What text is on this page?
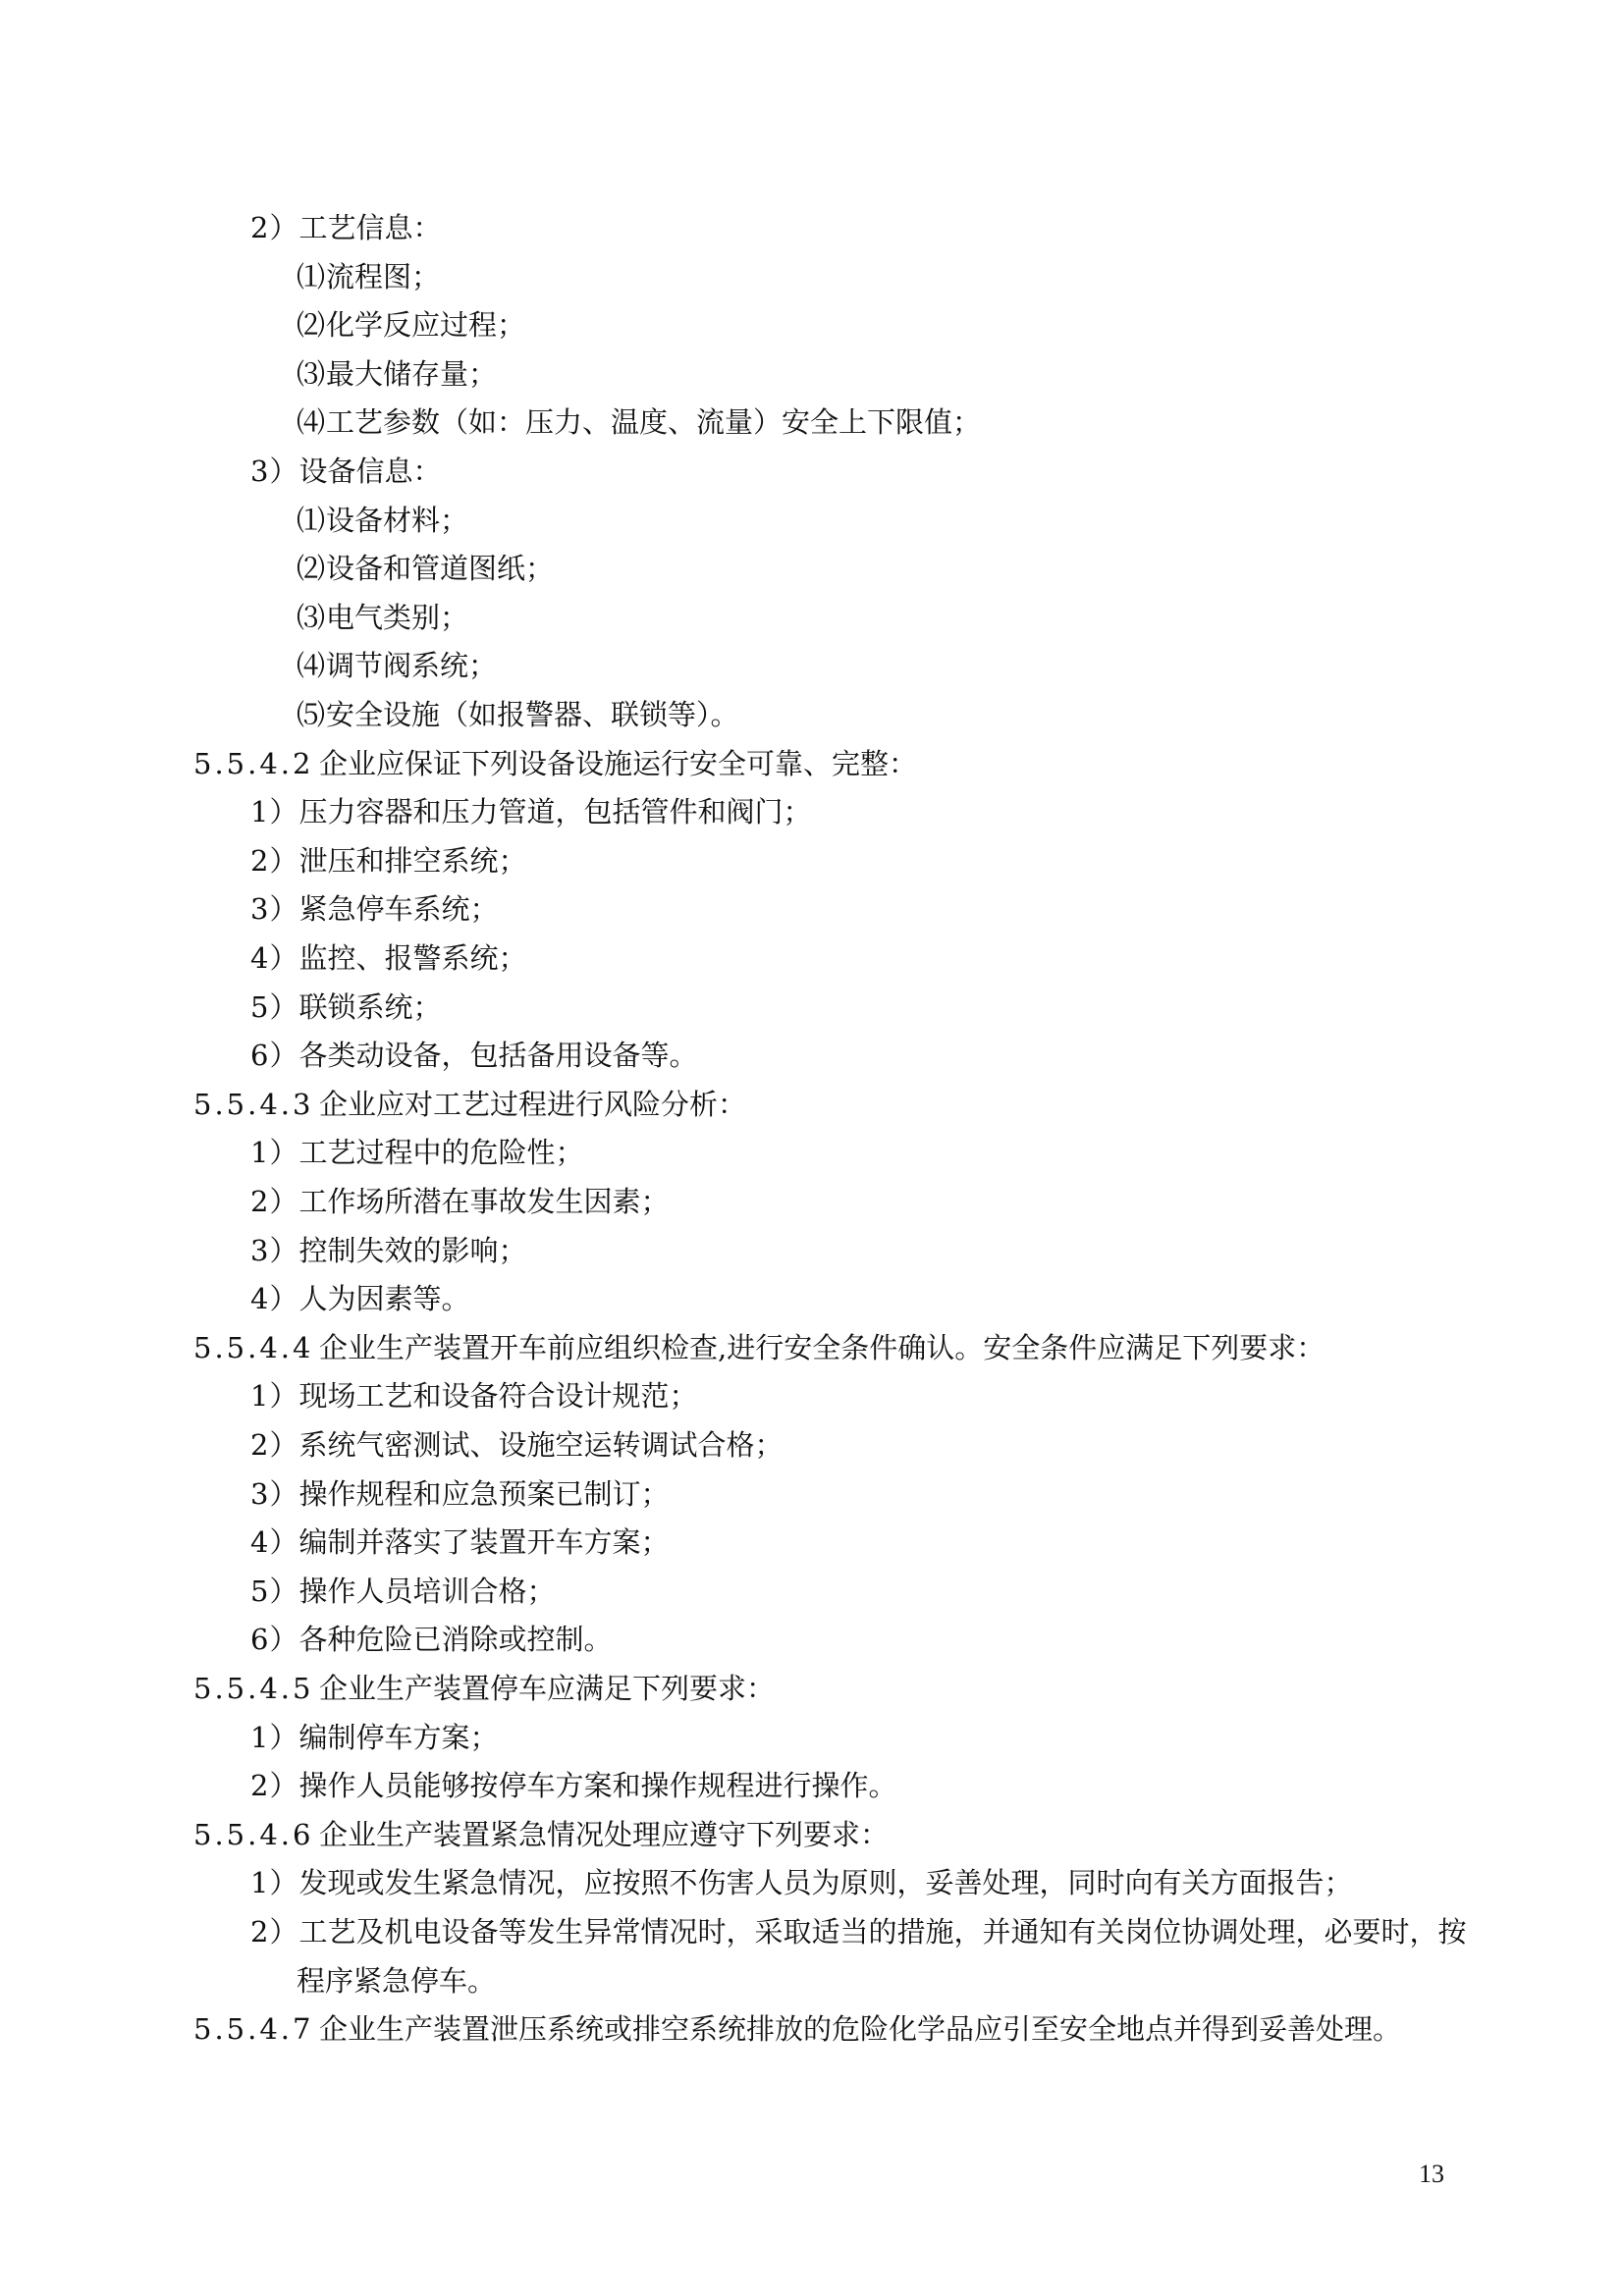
2）工艺信息：
⑴流程图；
⑵化学反应过程；
⑶最大储存量；
⑷工艺参数（如：压力、温度、流量）安全上下限值；
3）设备信息：
⑴设备材料；
⑵设备和管道图纸；
⑶电气类别；
⑷调节阀系统；
⑸安全设施（如报警器、联锁等）。
5.5.4.2 企业应保证下列设备设施运行安全可靠、完整：
1）压力容器和压力管道，包括管件和阀门；
2）泄压和排空系统；
3）紧急停车系统；
4）监控、报警系统；
5）联锁系统；
6）各类动设备，包括备用设备等。
5.5.4.3 企业应对工艺过程进行风险分析：
1）工艺过程中的危险性；
2）工作场所潜在事故发生因素；
3）控制失效的影响；
4）人为因素等。
5.5.4.4 企业生产装置开车前应组织检查,进行安全条件确认。安全条件应满足下列要求：
1）现场工艺和设备符合设计规范；
2）系统气密测试、设施空运转调试合格；
3）操作规程和应急预案已制订；
4）编制并落实了装置开车方案；
5）操作人员培训合格；
6）各种危险已消除或控制。
5.5.4.5 企业生产装置停车应满足下列要求：
1）编制停车方案；
2）操作人员能够按停车方案和操作规程进行操作。
5.5.4.6 企业生产装置紧急情况处理应遵守下列要求：
1）发现或发生紧急情况，应按照不伤害人员为原则，妥善处理，同时向有关方面报告；
2）工艺及机电设备等发生异常情况时，采取适当的措施，并通知有关岗位协调处理，必要时，按
程序紧急停车。
5.5.4.7 企业生产装置泄压系统或排空系统排放的危险化学品应引至安全地点并得到妥善处理。
13
